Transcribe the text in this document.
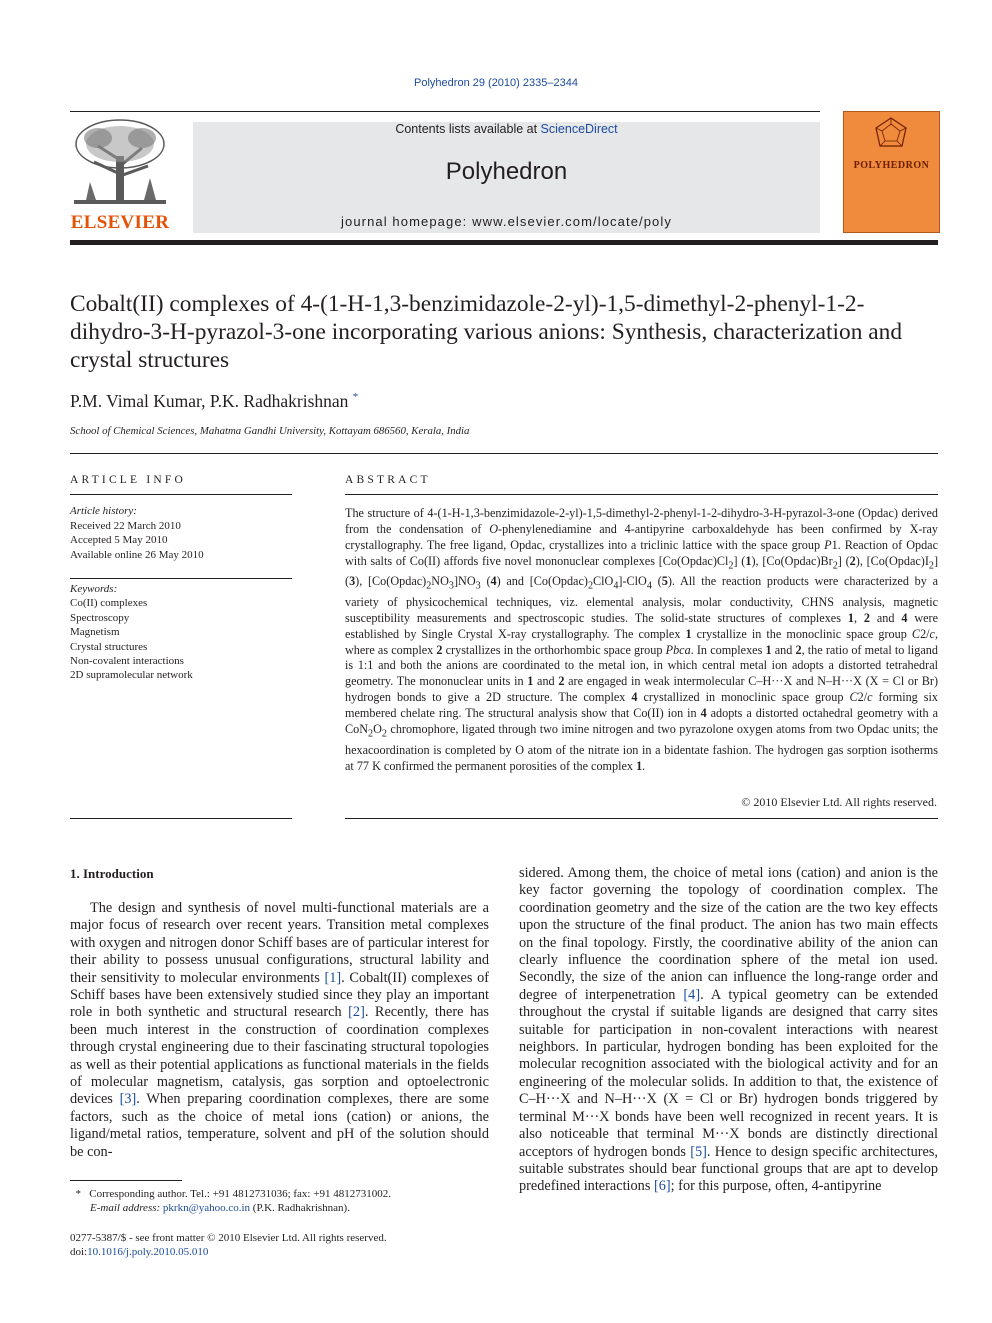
Polyhedron 29 (2010) 2335–2344
ELSEVIER
Contents lists available at ScienceDirect
Polyhedron
journal homepage: www.elsevier.com/locate/poly
POLYHEDRON
Cobalt(II) complexes of 4-(1-H-1,3-benzimidazole-2-yl)-1,5-dimethyl-2-phenyl-1-2-dihydro-3-H-pyrazol-3-one incorporating various anions: Synthesis, characterization and crystal structures
P.M. Vimal Kumar, P.K. Radhakrishnan *
School of Chemical Sciences, Mahatma Gandhi University, Kottayam 686560, Kerala, India
ARTICLE INFO
Article history:
Received 22 March 2010
Accepted 5 May 2010
Available online 26 May 2010
Keywords:
Co(II) complexes
Spectroscopy
Magnetism
Crystal structures
Non-covalent interactions
2D supramolecular network
ABSTRACT
The structure of 4-(1-H-1,3-benzimidazole-2-yl)-1,5-dimethyl-2-phenyl-1-2-dihydro-3-H-pyrazol-3-one (Opdac) derived from the condensation of O-phenylenediamine and 4-antipyrine carboxaldehyde has been confirmed by X-ray crystallography. The free ligand, Opdac, crystallizes into a triclinic lattice with the space group P1. Reaction of Opdac with salts of Co(II) affords five novel mononuclear complexes $[Co(Opdac)Cl_2]$ (1), $[Co(Opdac)Br_2]$ (2), $[Co(Opdac)I_2]$ (3), $[Co(Opdac)_2NO_3]NO_3$ (4) and $[Co(Opdac)_2ClO_4]-ClO_4$ (5). All the reaction products were characterized by a variety of physicochemical techniques, viz. elemental analysis, molar conductivity, CHNS analysis, magnetic susceptibility measurements and spectroscopic studies. The solid-state structures of complexes 1, 2 and 4 were established by Single Crystal X-ray crystallography. The complex 1 crystallize in the monoclinic space group C2/c, where as complex 2 crystallizes in the orthorhombic space group Pbca. In complexes 1 and 2, the ratio of metal to ligand is 1:1 and both the anions are coordinated to the metal ion, in which central metal ion adopts a distorted tetrahedral geometry. The mononuclear units in 1 and 2 are engaged in weak intermolecular C–H···X and N–H···X (X = Cl or Br) hydrogen bonds to give a 2D structure. The complex 4 crystallized in monoclinic space group C2/c forming six membered chelate ring. The structural analysis show that Co(II) ion in 4 adopts a distorted octahedral geometry with a $CoN_2O_2$ chromophore, ligated through two imine nitrogen and two pyrazolone oxygen atoms from two Opdac units; the hexacoordination is completed by O atom of the nitrate ion in a bidentate fashion. The hydrogen gas sorption isotherms at 77 K confirmed the permanent porosities of the complex 1.
© 2010 Elsevier Ltd. All rights reserved.
1. Introduction
The design and synthesis of novel multi-functional materials are a major focus of research over recent years. Transition metal complexes with oxygen and nitrogen donor Schiff bases are of particular interest for their ability to possess unusual configurations, structural lability and their sensitivity to molecular environments [1]. Cobalt(II) complexes of Schiff bases have been extensively studied since they play an important role in both synthetic and structural research [2]. Recently, there has been much interest in the construction of coordination complexes through crystal engineering due to their fascinating structural topologies as well as their potential applications as functional materials in the fields of molecular magnetism, catalysis, gas sorption and optoelectronic devices [3]. When preparing coordination complexes, there are some factors, such as the choice of metal ions (cation) or anions, the ligand/metal ratios, temperature, solvent and pH of the solution should be con-
sidered. Among them, the choice of metal ions (cation) and anion is the key factor governing the topology of coordination complex. The coordination geometry and the size of the cation are the two key effects upon the structure of the final product. The anion has two main effects on the final topology. Firstly, the coordinative ability of the anion can clearly influence the coordination sphere of the metal ion used. Secondly, the size of the anion can influence the long-range order and degree of interpenetration [4]. A typical geometry can be extended throughout the crystal if suitable ligands are designed that carry sites suitable for participation in non-covalent interactions with nearest neighbors. In particular, hydrogen bonding has been exploited for the molecular recognition associated with the biological activity and for an engineering of the molecular solids. In addition to that, the existence of C–H···X and N–H···X (X = Cl or Br) hydrogen bonds triggered by terminal M···X bonds have been well recognized in recent years. It is also noticeable that terminal M···X bonds are distinctly directional acceptors of hydrogen bonds [5]. Hence to design specific architectures, suitable substrates should bear functional groups that are apt to develop predefined interactions [6]; for this purpose, often, 4-antipyrine
* Corresponding author. Tel.: +91 4812731036; fax: +91 4812731002.
E-mail address: pkrkn@yahoo.co.in (P.K. Radhakrishnan).
0277-5387/$ - see front matter © 2010 Elsevier Ltd. All rights reserved.
doi:10.1016/j.poly.2010.05.010
